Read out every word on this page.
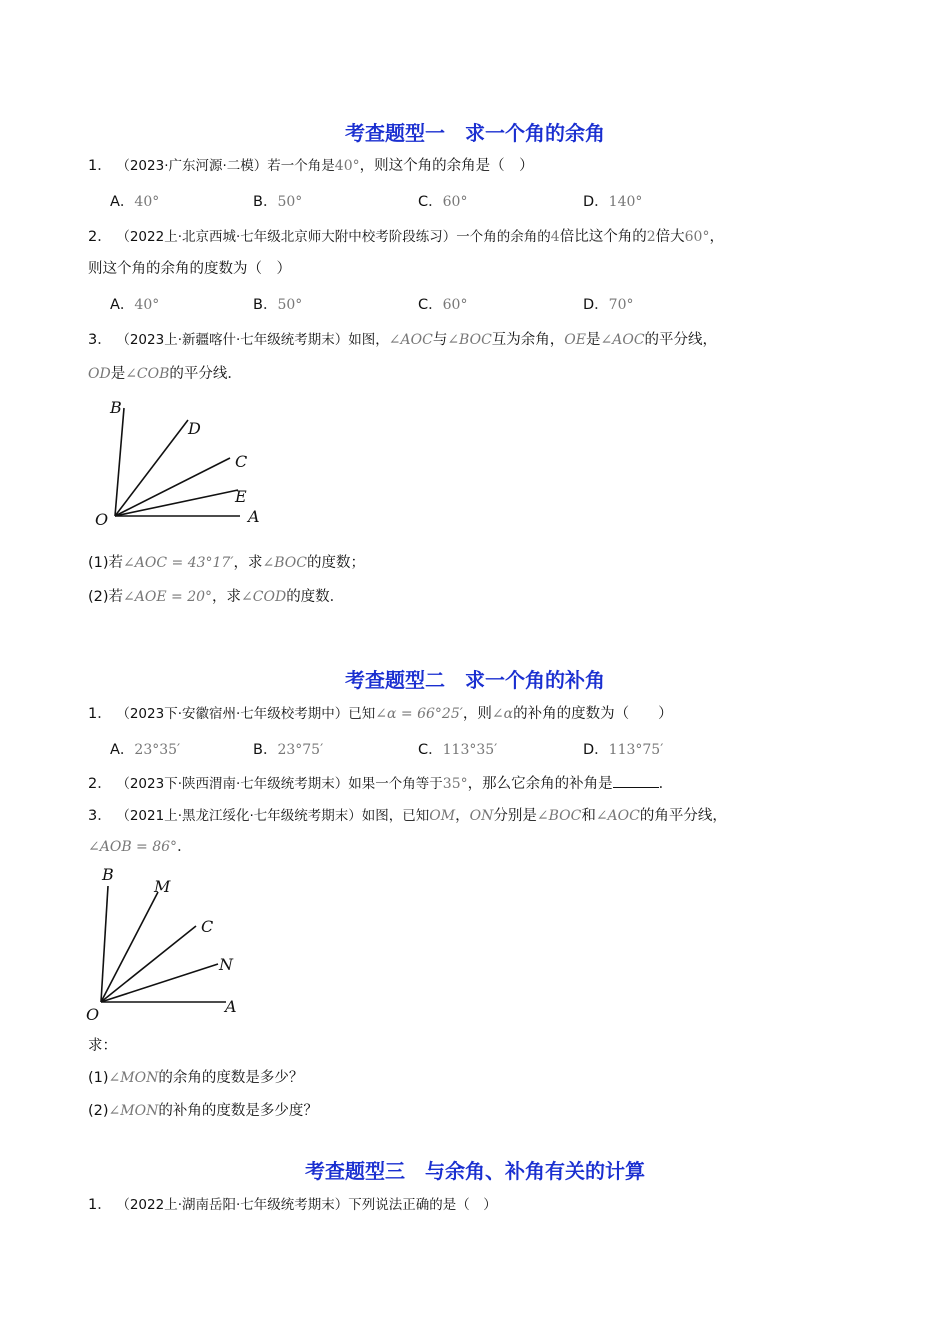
考查题型一　求一个角的余角
1． （2023·广东河源·二模）若一个角是40°，则这个角的余角是（　）
A．40°	B．50°	C．60°	D．140°
2． （2022上·北京西城·七年级北京师大附中校考阶段练习）一个角的余角的4倍比这个角的2倍大60°，
则这个角的余角的度数为（　）
A．40°	B．50°	C．60°	D．70°
3． （2023上·新疆喀什·七年级统考期末）如图，∠AOC与∠BOC互为余角，OE是∠AOC的平分线，
OD是∠COB的平分线．
B
D
C
E
O	A
(1)若∠AOC = 43°17′，求∠BOC的度数；
(2)若∠AOE = 20°，求∠COD的度数．
考查题型二　求一个角的补角
1． （2023下·安徽宿州·七年级校考期中）已知∠α = 66°25′，则∠α的补角的度数为（　　）
A．23°35′	B．23°75′	C．113°35′	D．113°75′
2． （2023下·陕西渭南·七年级统考期末）如果一个角等于35°，那么它余角的补角是	．
3． （2021上·黑龙江绥化·七年级统考期末）如图，已知OM，ON分别是∠BOC和∠AOC的角平分线，
∠AOB = 86°．
B
M
C
N
O	A
求：
(1)∠MON的余角的度数是多少？
(2)∠MON的补角的度数是多少度？
考查题型三　与余角、补角有关的计算
1． （2022上·湖南岳阳·七年级统考期末）下列说法正确的是（　）
